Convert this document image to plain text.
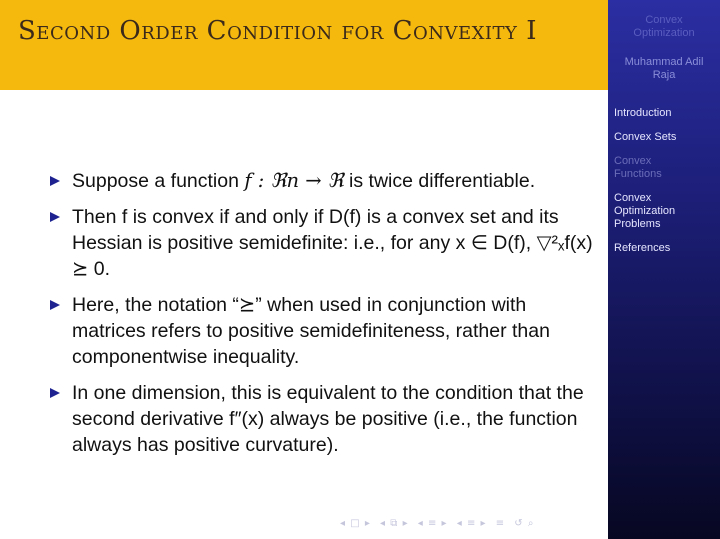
Second Order Condition for Convexity I	Convex
Optimization
Muhammad Adil
Raja
Introduction
Convex Sets
Convex
Functions
Convex
Optimization
Problems
References
Suppose a function f : ℜn → ℜ is twice differentiable.
Then f is convex if and only if D(f) is a convex set and its Hessian is positive semidefinite: i.e., for any x ∈ D(f), ▽²ₓf(x) ⪰ 0.
Here, the notation “⪰” when used in conjunction with matrices refers to positive semidefiniteness, rather than componentwise inequality.
In one dimension, this is equivalent to the condition that the second derivative f″(x) always be positive (i.e., the function always has positive curvature).
◂ □ ▸ ◂ ⧉ ▸ ◂ ≡ ▸ ◂ ≡ ▸ ≡ ↺ ⌕
